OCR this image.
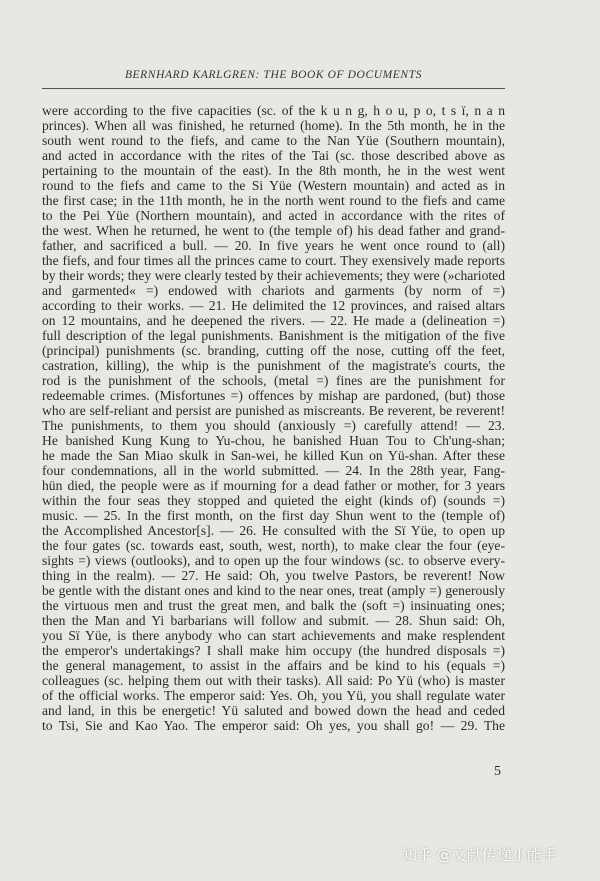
BERNHARD KARLGREN: THE BOOK OF DOCUMENTS
were according to the five capacities (sc. of the k u n g, h o u, p o, t s ï, n a n
princes). When all was finished, he returned (home). In the 5th month, he in the
south went round to the fiefs, and came to the Nan Yüe (Southern mountain),
and acted in accordance with the rites of the Tai (sc. those described above as
pertaining to the mountain of the east). In the 8th month, he in the west went
round to the fiefs and came to the Si Yüe (Western mountain) and acted as in
the first case; in the 11th month, he in the north went round to the fiefs and came
to the Pei Yüe (Northern mountain), and acted in accordance with the rites of
the west. When he returned, he went to (the temple of) his dead father and grand-
father, and sacrificed a bull. — 20. In five years he went once round to (all)
the fiefs, and four times all the princes came to court. They exensively made reports
by their words; they were clearly tested by their achievements; they were (»charioted
and garmented« =) endowed with chariots and garments (by norm of =)
according to their works. — 21. He delimited the 12 provinces, and raised altars
on 12 mountains, and he deepened the rivers. — 22. He made a (delineation =)
full description of the legal punishments. Banishment is the mitigation of the five
(principal) punishments (sc. branding, cutting off the nose, cutting off the feet,
castration, killing), the whip is the punishment of the magistrate's courts, the
rod is the punishment of the schools, (metal =) fines are the punishment for
redeemable crimes. (Misfortunes =) offences by mishap are pardoned, (but) those
who are self-reliant and persist are punished as miscreants. Be reverent, be reverent!
The punishments, to them you should (anxiously =) carefully attend! — 23.
He banished Kung Kung to Yu-chou, he banished Huan Tou to Ch'ung-shan;
he made the San Miao skulk in San-wei, he killed Kun on Yü-shan. After these
four condemnations, all in the world submitted. — 24. In the 28th year, Fang-
hün died, the people were as if mourning for a dead father or mother, for 3 years
within the four seas they stopped and quieted the eight (kinds of) (sounds =)
music. — 25. In the first month, on the first day Shun went to the (temple of)
the Accomplished Ancestor[s]. — 26. He consulted with the Sï Yüe, to open up
the four gates (sc. towards east, south, west, north), to make clear the four (eye-
sights =) views (outlooks), and to open up the four windows (sc. to observe every-
thing in the realm). — 27. He said: Oh, you twelve Pastors, be reverent! Now
be gentle with the distant ones and kind to the near ones, treat (amply =) generously
the virtuous men and trust the great men, and balk the (soft =) insinuating ones;
then the Man and Yi barbarians will follow and submit. — 28. Shun said: Oh,
you Sï Yüe, is there anybody who can start achievements and make resplendent
the emperor's undertakings? I shall make him occupy (the hundred disposals =)
the general management, to assist in the affairs and be kind to his (equals =)
colleagues (sc. helping them out with their tasks). All said: Po Yü (who) is master
of the official works. The emperor said: Yes. Oh, you Yü, you shall regulate water
and land, in this be energetic! Yü saluted and bowed down the head and ceded
to Tsi, Sie and Kao Yao. The emperor said: Oh yes, you shall go! — 29. The
5
知乎 @文献传递小能手
